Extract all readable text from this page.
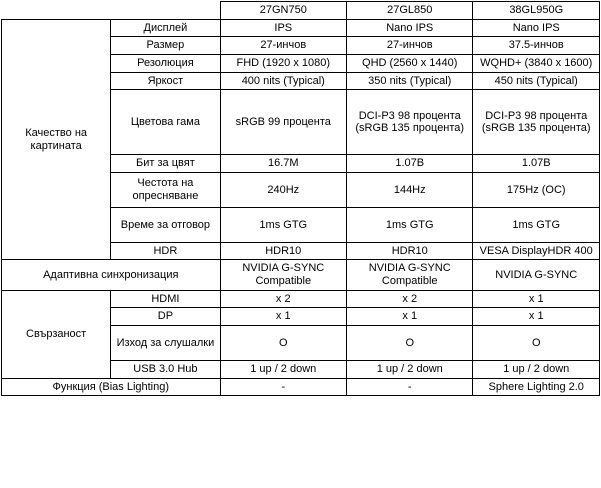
		27GN750	27GL850	38GL950G
Качество на картината	Дисплей	IPS	Nano IPS	Nano IPS
	Размер	27-инчов	27-инчов	37.5-инчов
	Резолюция	FHD (1920 x 1080)	QHD (2560 x 1440)	WQHD+ (3840 x 1600)
	Яркост	400 nits (Typical)	350 nits (Typical)	450 nits (Typical)
	Цветова гама	sRGB 99 процента	DCI-P3 98 процента (sRGB 135 процента)	DCI-P3 98 процента (sRGB 135 процента)
	Бит за цвят	16.7M	1.07B	1.07B
	Честота на опресняване	240Hz	144Hz	175Hz (OC)
	Време за отговор	1ms GTG	1ms GTG	1ms GTG
	HDR	HDR10	HDR10	VESA DisplayHDR 400
Адаптивна синхронизация		NVIDIA G-SYNC Compatible	NVIDIA G-SYNC Compatible	NVIDIA G-SYNC
Свързаност	HDMI	x 2	x 2	x 1
	DP	x 1	x 1	x 1
	Изход за слушалки	O	O	O
	USB 3.0 Hub	1 up / 2 down	1 up / 2 down	1 up / 2 down
Функция (Bias Lighting)		-	-	Sphere Lighting 2.0
